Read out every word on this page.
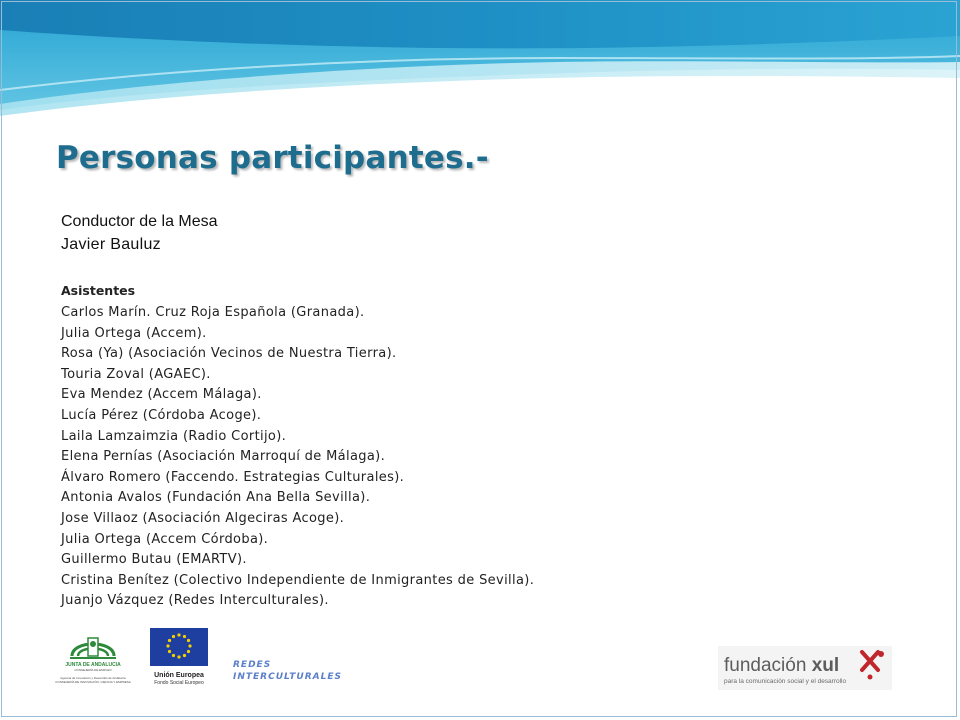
Personas participantes.-
Conductor de la Mesa
Javier Bauluz
Asistentes
Carlos Marín. Cruz Roja Española (Granada).
Julia Ortega (Accem).
Rosa (Ya) (Asociación Vecinos de Nuestra Tierra).
Touria Zoval (AGAEC).
Eva Mendez (Accem Málaga).
Lucía Pérez (Córdoba Acoge).
Laila Lamzaimzia (Radio Cortijo).
Elena Pernías (Asociación Marroquí de Málaga).
Álvaro Romero (Faccendo. Estrategias Culturales).
Antonia Avalos (Fundación Ana Bella Sevilla).
Jose Villaoz (Asociación Algeciras Acoge).
Julia Ortega (Accem Córdoba).
Guillermo Butau (EMARTV).
Cristina Benítez (Colectivo Independiente de Inmigrantes de Sevilla).
Juanjo Vázquez (Redes Interculturales).
JUNTA DE ANDALUCIA
CONSEJERÍA DE EMPLEO
Agencia de Innovación y Desarrollo de Andalucía
CONSEJERÍA DE INNOVACIÓN, CIENCIA Y EMPRESA
Unión Europea
Fondo Social Europeo
REDES
INTERCULTURALES
fundación xul
para la comunicación social y el desarrollo
